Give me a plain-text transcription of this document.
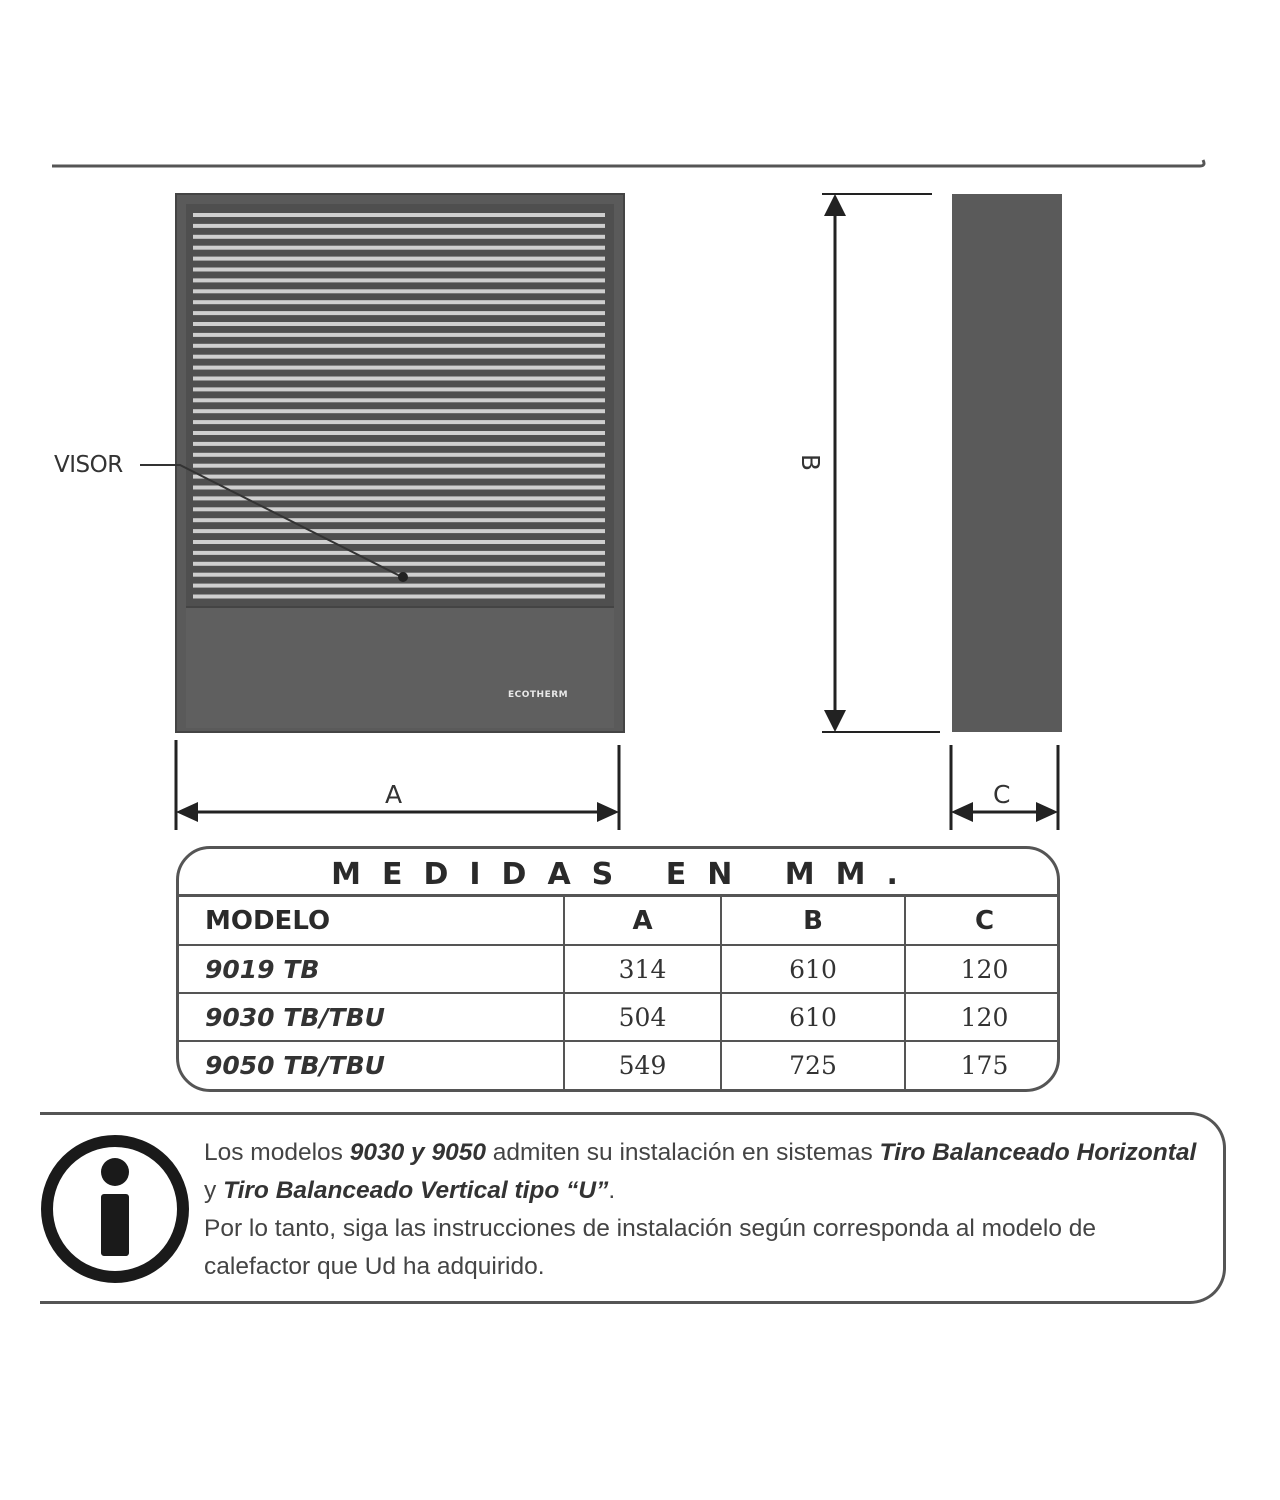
VISOR
A
B
C
ECOTHERM
MEDIDAS EN MM.
MODELO	A	B	C
9019 TB	314	610	120
9030 TB/TBU	504	610	120
9050 TB/TBU	549	725	175

Los modelos 9030 y 9050 admiten su instalación en sistemas Tiro Balanceado Horizontal y Tiro Balanceado Vertical tipo “U”.

Por lo tanto, siga las instrucciones de instalación según corresponda al modelo de calefactor que Ud ha adquirido.
